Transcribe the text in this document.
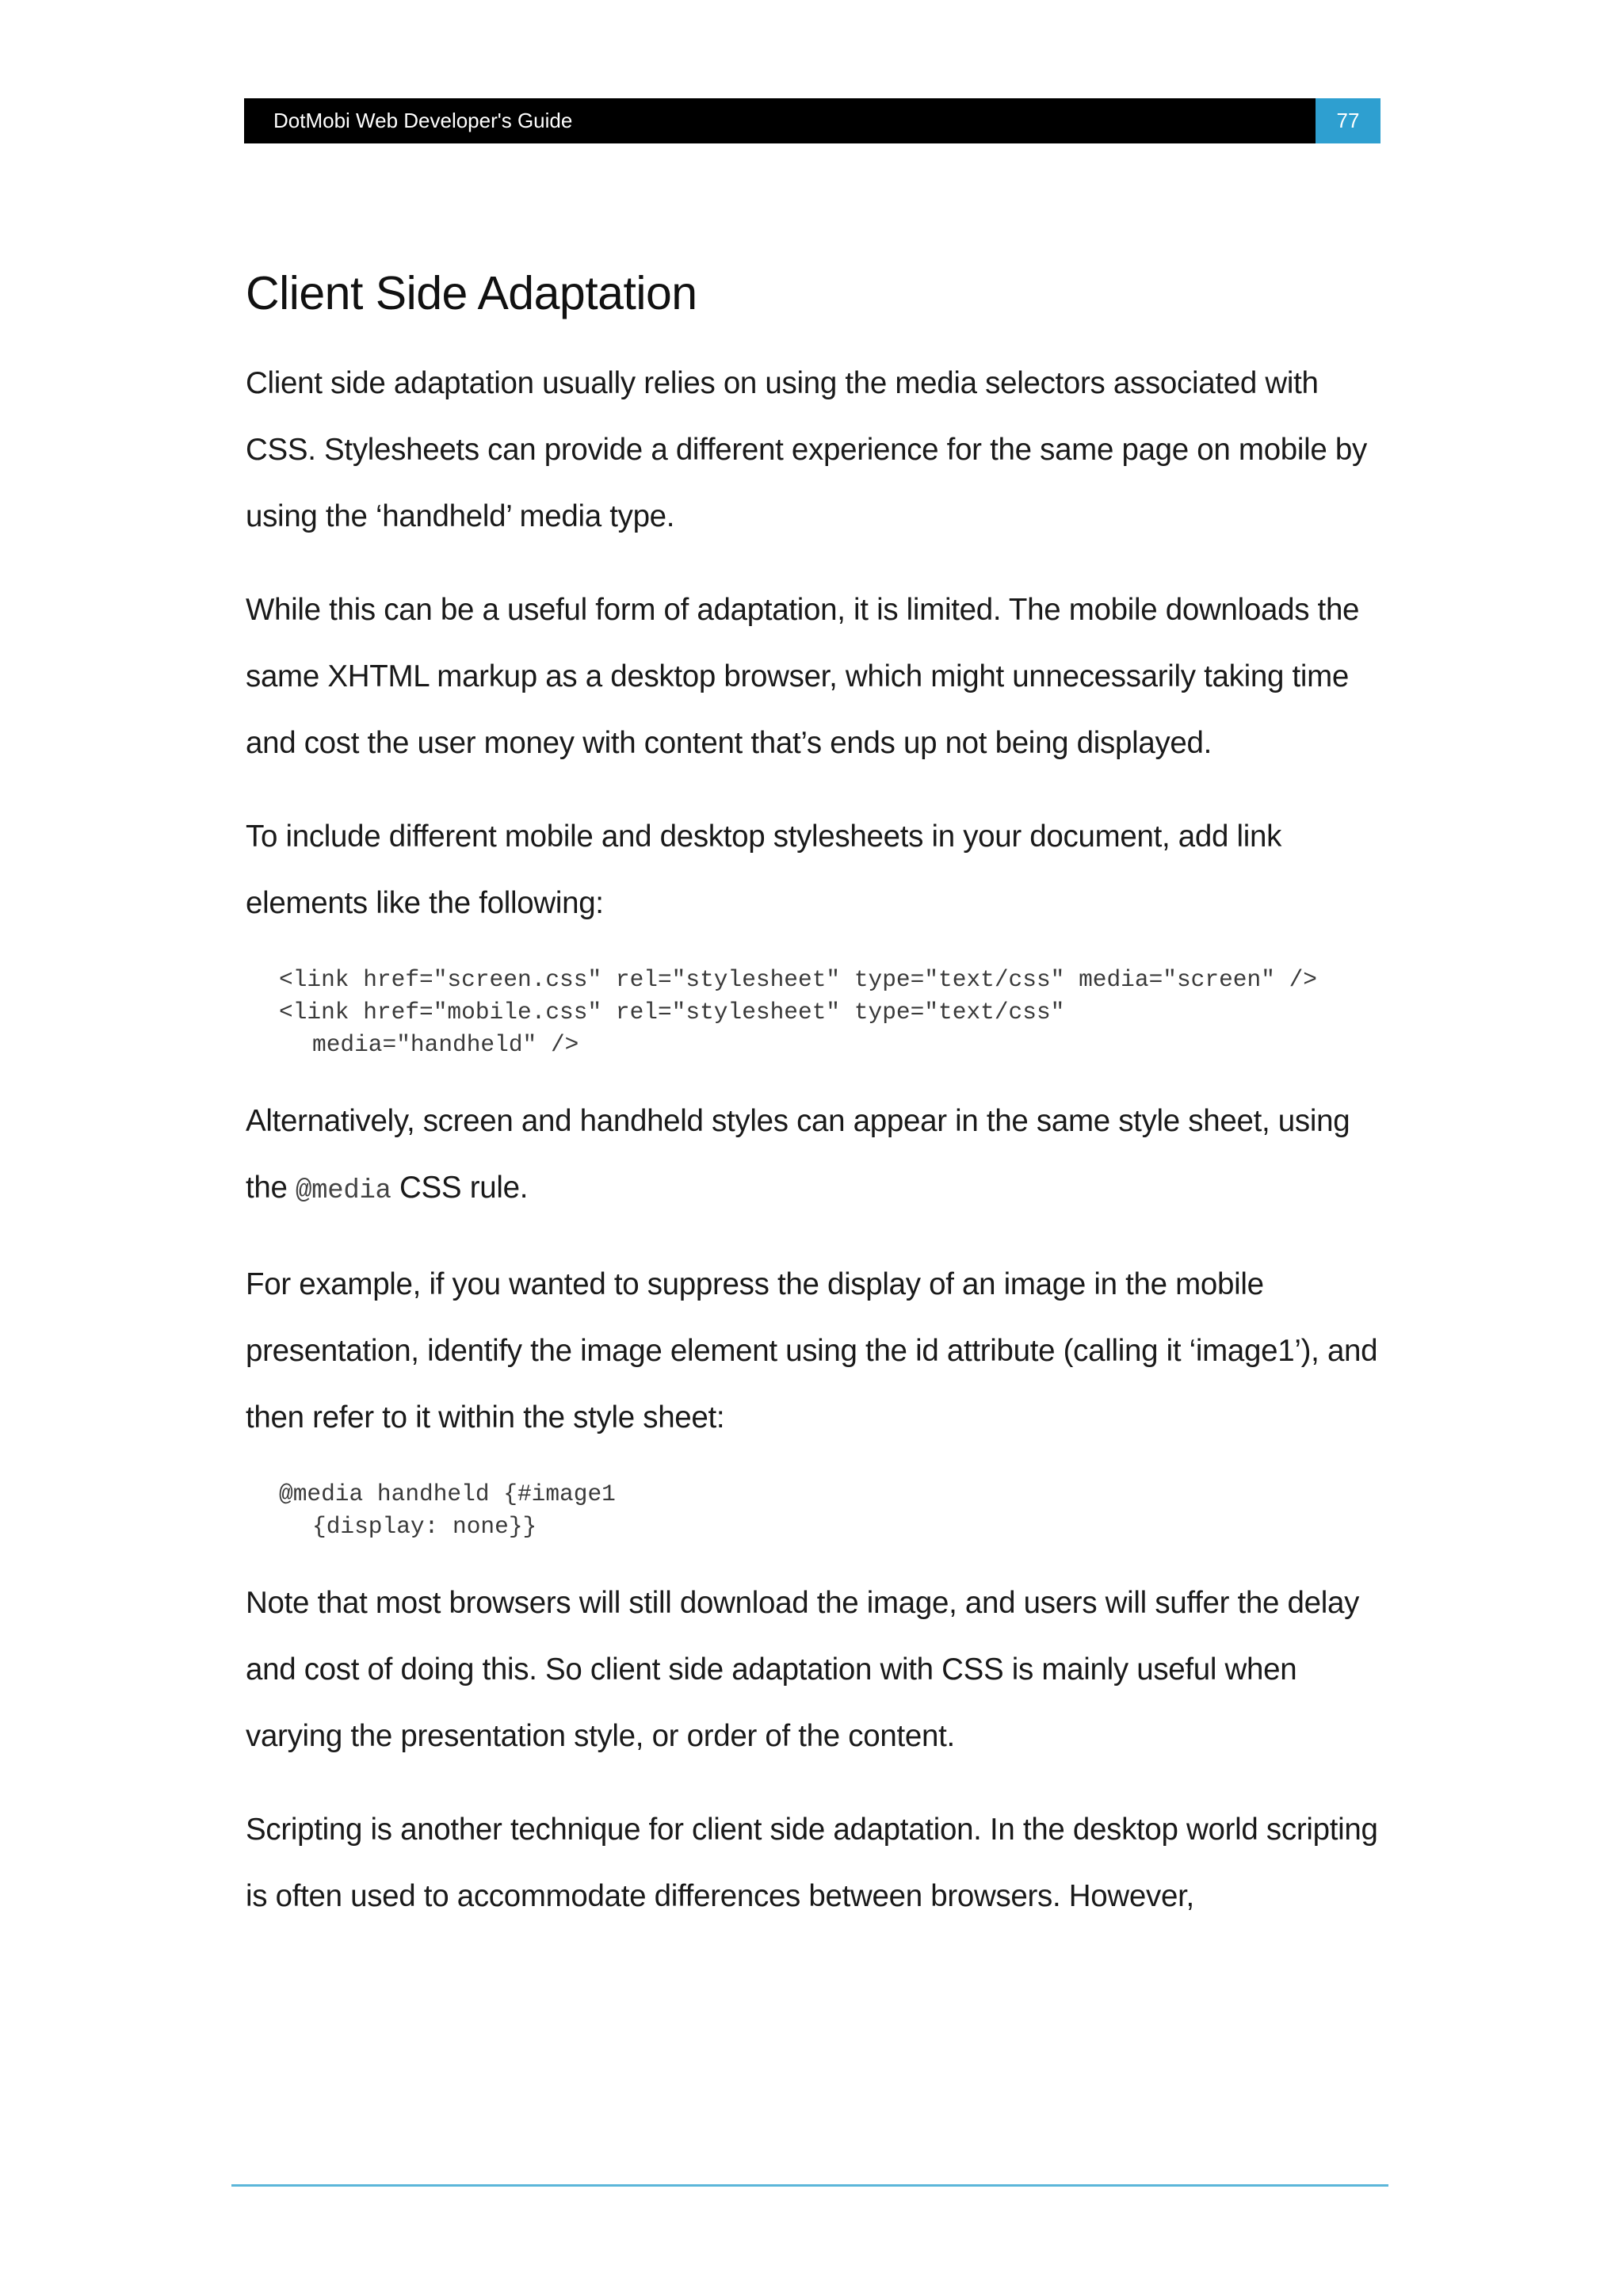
DotMobi Web Developer's Guide	77
Client Side Adaptation

Client side adaptation usually relies on using the media selectors associated with CSS. Stylesheets can provide a different experience for the same page on mobile by using the ‘handheld’ media type.

While this can be a useful form of adaptation, it is limited. The mobile downloads the same XHTML markup as a desktop browser, which might unnecessarily taking time and cost the user money with content that’s ends up not being displayed.

To include different mobile and desktop stylesheets in your document, add link elements like the following:

<link href="screen.css" rel="stylesheet" type="text/css" media="screen" />
<link href="mobile.css" rel="stylesheet" type="text/css"
media="handheld" />

Alternatively, screen and handheld styles can appear in the same style sheet, using the @media CSS rule.

For example, if you wanted to suppress the display of an image in the mobile presentation, identify the image element using the id attribute (calling it ‘image1’), and then refer to it within the style sheet:

@media handheld {#image1
{display: none}}

Note that most browsers will still download the image, and users will suffer the delay and cost of doing this. So client side adaptation with CSS is mainly useful when varying the presentation style, or order of the content.

Scripting is another technique for client side adaptation. In the desktop world scripting is often used to accommodate differences between browsers. However,
